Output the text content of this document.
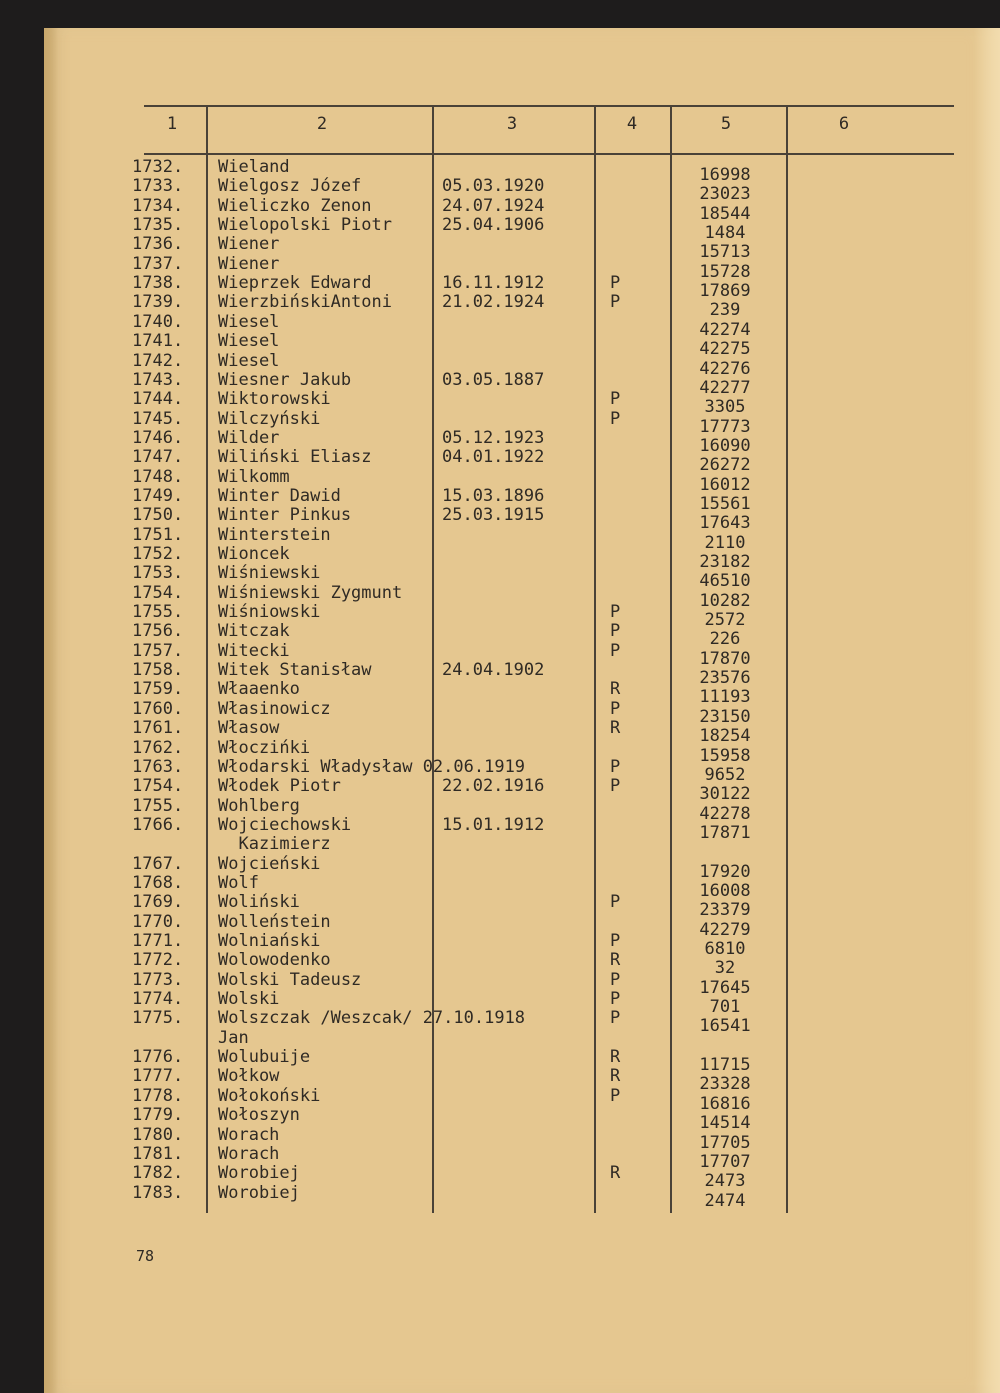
1	2	3	4	5	6
1732. Wieland	16998
1733. Wielgosz Józef	05.03.1920	23023
1734. Wieliczko Zenon	24.07.1924	18544
1735. Wielopolski Piotr	25.04.1906	1484
1736. Wiener	15713
1737. Wiener	15728
1738. Wieprzek Edward	16.11.1912	P	17869
1739. WierzbińskiAntoni	21.02.1924	P	239
1740. Wiesel	42274
1741. Wiesel	42275
1742. Wiesel	42276
1743. Wiesner Jakub	03.05.1887	42277
1744. Wiktorowski	P	3305
1745. Wilczyński	P	17773
1746. Wilder	05.12.1923	16090
1747. Wiliński Eliasz	04.01.1922	26272
1748. Wilkomm	16012
1749. Winter Dawid	15.03.1896	15561
1750. Winter Pinkus	25.03.1915	17643
1751. Winterstein	2110
1752. Wioncek	23182
1753. Wiśniewski	46510
1754. Wiśniewski Zygmunt	10282
1755. Wiśniowski	P	2572
1756. Witczak	P	226
1757. Witecki	P	17870
1758. Witek Stanisław	24.04.1902	23576
1759. Właaenko	R	11193
1760. Własinowicz	P	23150
1761. Własow	R	18254
1762. Włoczińki	15958
1763. Włodarski Władysław 02.06.1919	P	9652
1754. Włodek Piotr	22.02.1916	P	30122
1755. Wohlberg	42278
1766. Wojciechowski	15.01.1912	17871
Kazimierz
1767. Wojcieński	17920
1768. Wolf	16008
1769. Woliński	P	23379
1770. Wolleństein	42279
1771. Wolniański	P	6810
1772. Wolowodenko	R	32
1773. Wolski Tadeusz	P	17645
1774. Wolski	P	701
1775. Wolszczak /Weszcak/ 27.10.1918	P	16541
Jan
1776. Wolubuije	R	11715
1777. Wołkow	R	23328
1778. Wołokoński	P	16816
1779. Wołoszyn	14514
1780. Worach	17705
1781. Worach	17707
1782. Worobiej	R	2473
1783. Worobiej	2474
78
